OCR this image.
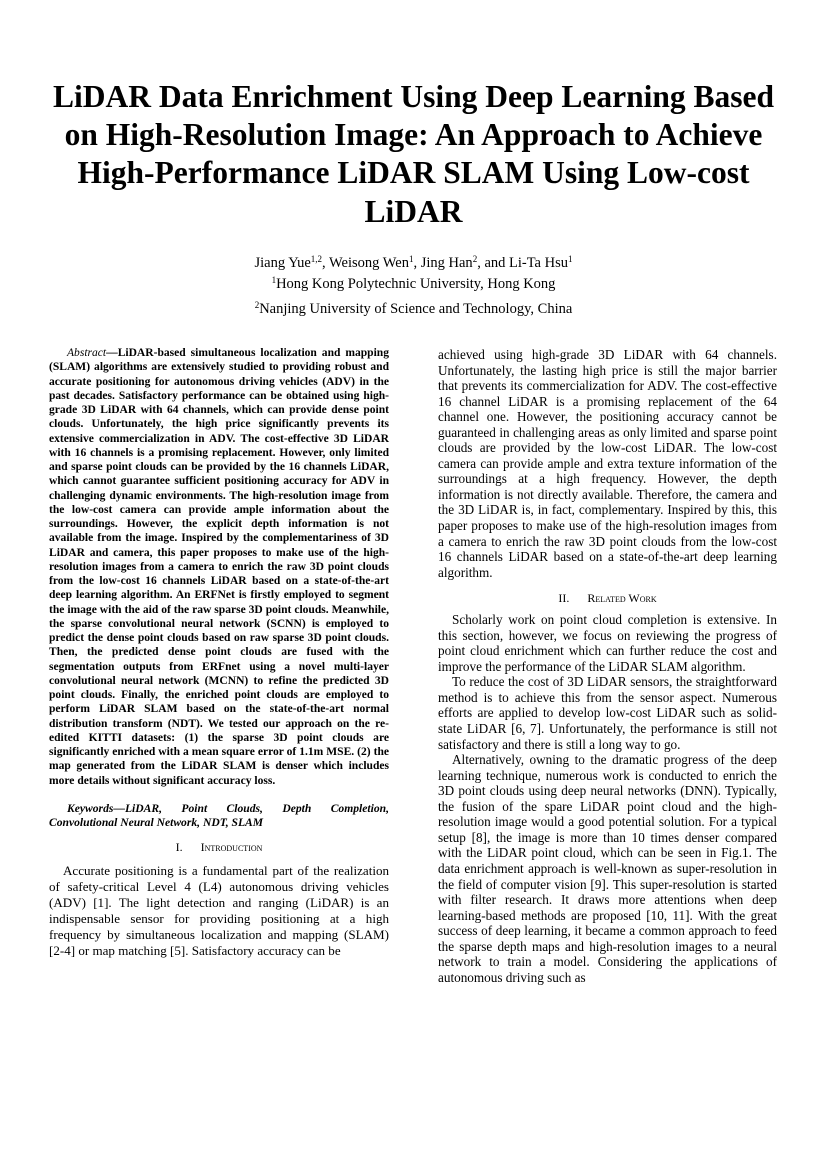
LiDAR Data Enrichment Using Deep Learning Based on High-Resolution Image: An Approach to Achieve High-Performance LiDAR SLAM Using Low-cost LiDAR
Jiang Yue$^{1,2}$, Weisong Wen$^1$, Jing Han$^2$, and Li-Ta Hsu$^1$
$^1$Hong Kong Polytechnic University, Hong Kong
$^2$Nanjing University of Science and Technology, China

Abstract—LiDAR-based simultaneous localization and mapping (SLAM) algorithms are extensively studied to providing robust and accurate positioning for autonomous driving vehicles (ADV) in the past decades. Satisfactory performance can be obtained using high-grade 3D LiDAR with 64 channels, which can provide dense point clouds. Unfortunately, the high price significantly prevents its extensive commercialization in ADV. The cost-effective 3D LiDAR with 16 channels is a promising replacement. However, only limited and sparse point clouds can be provided by the 16 channels LiDAR, which cannot guarantee sufficient positioning accuracy for ADV in challenging dynamic environments. The high-resolution image from the low-cost camera can provide ample information about the surroundings. However, the explicit depth information is not available from the image. Inspired by the complementariness of 3D LiDAR and camera, this paper proposes to make use of the high-resolution images from a camera to enrich the raw 3D point clouds from the low-cost 16 channels LiDAR based on a state-of-the-art deep learning algorithm. An ERFNet is firstly employed to segment the image with the aid of the raw sparse 3D point clouds. Meanwhile, the sparse convolutional neural network (SCNN) is employed to predict the dense point clouds based on raw sparse 3D point clouds. Then, the predicted dense point clouds are fused with the segmentation outputs from ERFnet using a novel multi-layer convolutional neural network (MCNN) to refine the predicted 3D point clouds. Finally, the enriched point clouds are employed to perform LiDAR SLAM based on the state-of-the-art normal distribution transform (NDT). We tested our approach on the re-edited KITTI datasets: (1) the sparse 3D point clouds are significantly enriched with a mean square error of 1.1m MSE. (2) the map generated from the LiDAR SLAM is denser which includes more details without significant accuracy loss.

Keywords—LiDAR, Point Clouds, Depth Completion, Convolutional Neural Network, NDT, SLAM

I. Introduction

Accurate positioning is a fundamental part of the realization of safety-critical Level 4 (L4) autonomous driving vehicles (ADV) [1]. The light detection and ranging (LiDAR) is an indispensable sensor for providing positioning at a high frequency by simultaneous localization and mapping (SLAM) [2-4] or map matching [5]. Satisfactory accuracy can be

achieved using high-grade 3D LiDAR with 64 channels. Unfortunately, the lasting high price is still the major barrier that prevents its commercialization for ADV. The cost-effective 16 channel LiDAR is a promising replacement of the 64 channel one. However, the positioning accuracy cannot be guaranteed in challenging areas as only limited and sparse point clouds are provided by the low-cost LiDAR. The low-cost camera can provide ample and extra texture information of the surroundings at a high frequency. However, the depth information is not directly available. Therefore, the camera and the 3D LiDAR is, in fact, complementary. Inspired by this, this paper proposes to make use of the high-resolution images from a camera to enrich the raw 3D point clouds from the low-cost 16 channels LiDAR based on a state-of-the-art deep learning algorithm.

II. Related Work

Scholarly work on point cloud completion is extensive. In this section, however, we focus on reviewing the progress of point cloud enrichment which can further reduce the cost and improve the performance of the LiDAR SLAM algorithm.

To reduce the cost of 3D LiDAR sensors, the straightforward method is to achieve this from the sensor aspect. Numerous efforts are applied to develop low-cost LiDAR such as solid-state LiDAR [6, 7]. Unfortunately, the performance is still not satisfactory and there is still a long way to go.

Alternatively, owning to the dramatic progress of the deep learning technique, numerous work is conducted to enrich the 3D point clouds using deep neural networks (DNN). Typically, the fusion of the spare LiDAR point cloud and the high-resolution image would a good potential solution. For a typical setup [8], the image is more than 10 times denser compared with the LiDAR point cloud, which can be seen in Fig.1. The data enrichment approach is well-known as super-resolution in the field of computer vision [9]. This super-resolution is started with filter research. It draws more attentions when deep learning-based methods are proposed [10, 11]. With the great success of deep learning, it became a common approach to feed the sparse depth maps and high-resolution images to a neural network to train a model. Considering the applications of autonomous driving such as
